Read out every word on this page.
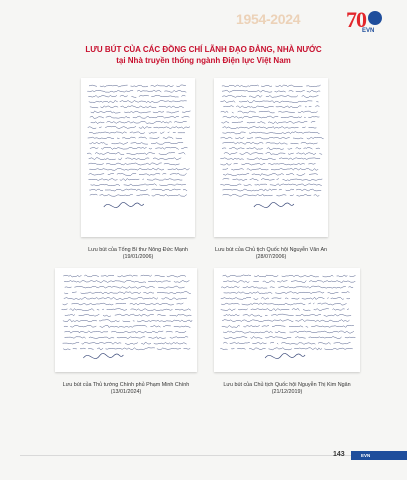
1954-2024 70
EVN
LƯU BÚT CỦA CÁC ĐỒNG CHÍ LÃNH ĐẠO ĐẢNG, NHÀ NƯỚC
tại Nhà truyền thống ngành Điện lực Việt Nam
Lưu bút của Tổng Bí thư Nông Đức Mạnh
(19/01/2006)
Lưu bút của Chủ tịch Quốc hội Nguyễn Văn An
(28/07/2006)
Lưu bút của Thủ tướng Chính phủ Phạm Minh Chính
(13/01/2024)
Lưu bút của Chủ tịch Quốc hội Nguyễn Thị Kim Ngân
(21/12/2019)
143	EVN
